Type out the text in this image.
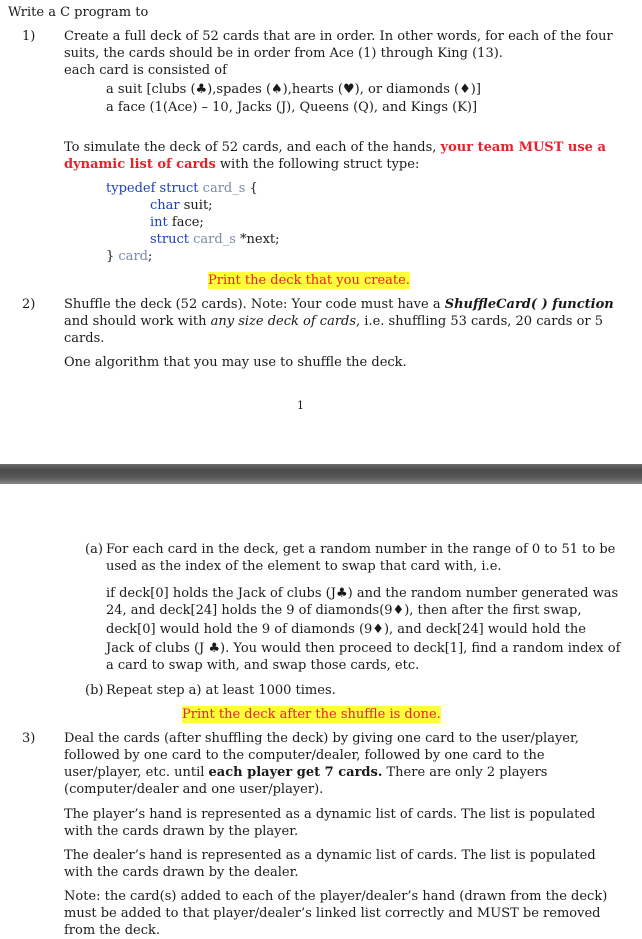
Write a C program to
1) Create a full deck of 52 cards that are in order. In other words, for each of the four
suits, the cards should be in order from Ace (1) through King (13).
each card is consisted of
a suit [clubs (♣),spades (♠),hearts (♥), or diamonds (♦)]
a face (1(Ace) – 10, Jacks (J), Queens (Q), and Kings (K)]
To simulate the deck of 52 cards, and each of the hands, your team MUST use a
dynamic list of cards with the following struct type:
typedef struct card_s {
char suit;
int face;
struct card_s *next;
} card;
Print the deck that you create.
2) Shuffle the deck (52 cards). Note: Your code must have a ShuffleCard( ) function
and should work with any size deck of cards, i.e. shuffling 53 cards, 20 cards or 5
cards.
One algorithm that you may use to shuffle the deck.
1
(a) For each card in the deck, get a random number in the range of 0 to 51 to be
used as the index of the element to swap that card with, i.e.
if deck[0] holds the Jack of clubs (J♣) and the random number generated was
24, and deck[24] holds the 9 of diamonds(9♦), then after the first swap,
deck[0] would hold the 9 of diamonds (9♦), and deck[24] would hold the
Jack of clubs (J ♣). You would then proceed to deck[1], find a random index of
a card to swap with, and swap those cards, etc.
(b) Repeat step a) at least 1000 times.
Print the deck after the shuffle is done.
3) Deal the cards (after shuffling the deck) by giving one card to the user/player,
followed by one card to the computer/dealer, followed by one card to the
user/player, etc. until each player get 7 cards. There are only 2 players
(computer/dealer and one user/player).
The player’s hand is represented as a dynamic list of cards. The list is populated
with the cards drawn by the player.
The dealer’s hand is represented as a dynamic list of cards. The list is populated
with the cards drawn by the dealer.
Note: the card(s) added to each of the player/dealer’s hand (drawn from the deck)
must be added to that player/dealer’s linked list correctly and MUST be removed
from the deck.
